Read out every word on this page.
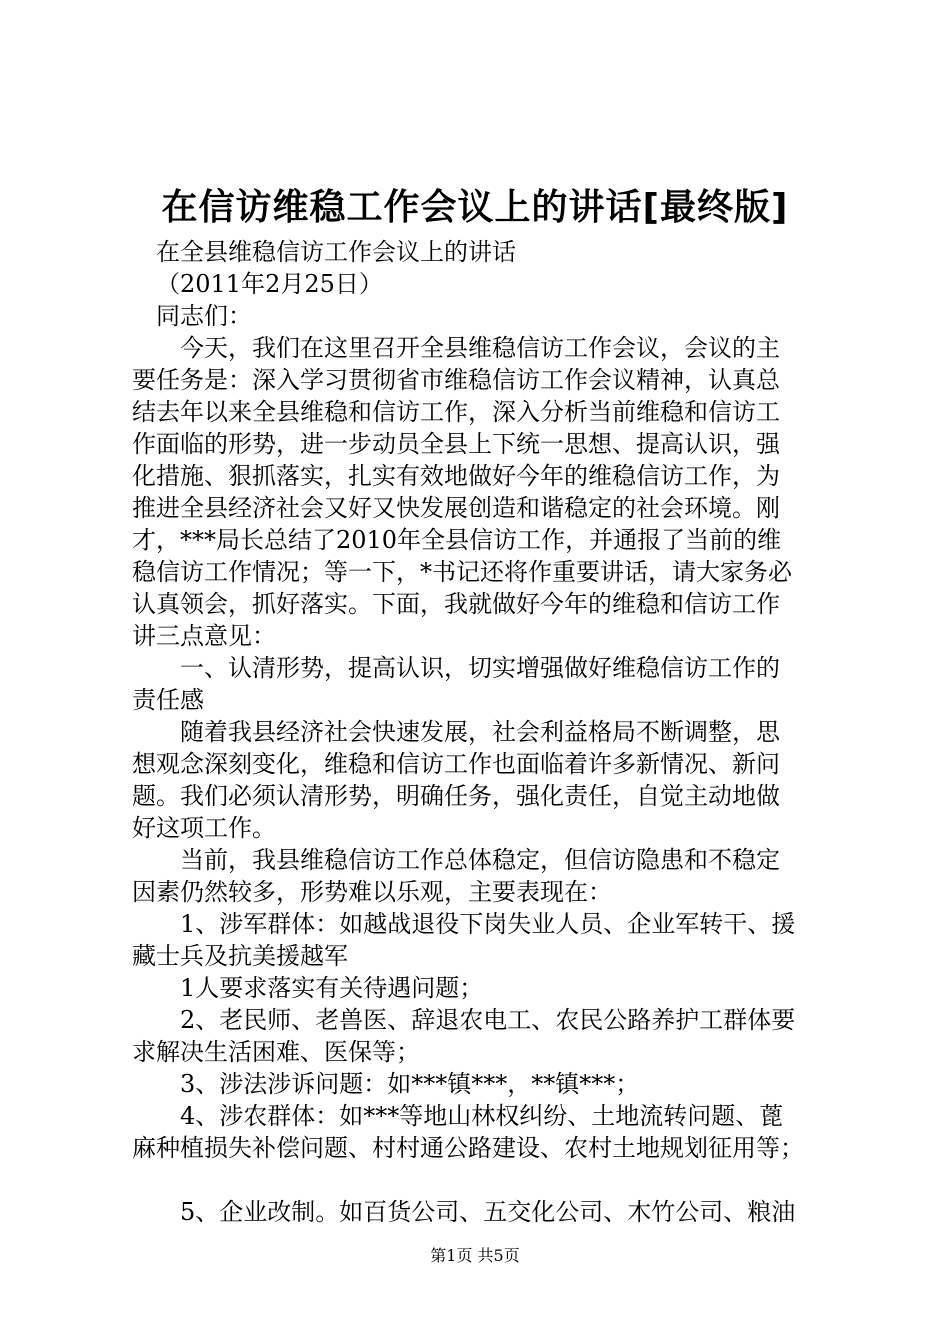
在信访维稳工作会议上的讲话[最终版]
在全县维稳信访工作会议上的讲话
（2011年2月25日）
同志们：
今天，我们在这里召开全县维稳信访工作会议，会议的主
要任务是：深入学习贯彻省市维稳信访工作会议精神，认真总
结去年以来全县维稳和信访工作，深入分析当前维稳和信访工
作面临的形势，进一步动员全县上下统一思想、提高认识，强
化措施、狠抓落实，扎实有效地做好今年的维稳信访工作，为
推进全县经济社会又好又快发展创造和谐稳定的社会环境。刚
才，***局长总结了2010年全县信访工作，并通报了当前的维
稳信访工作情况；等一下，*书记还将作重要讲话，请大家务必
认真领会，抓好落实。下面，我就做好今年的维稳和信访工作
讲三点意见：
一、认清形势，提高认识，切实增强做好维稳信访工作的
责任感
随着我县经济社会快速发展，社会利益格局不断调整，思
想观念深刻变化，维稳和信访工作也面临着许多新情况、新问
题。我们必须认清形势，明确任务，强化责任，自觉主动地做
好这项工作。
当前，我县维稳信访工作总体稳定，但信访隐患和不稳定
因素仍然较多，形势难以乐观，主要表现在：
1、涉军群体：如越战退役下岗失业人员、企业军转干、援
藏士兵及抗美援越军
1人要求落实有关待遇问题；
2、老民师、老兽医、辞退农电工、农民公路养护工群体要
求解决生活困难、医保等；
3、涉法涉诉问题：如***镇***，**镇***；
4、涉农群体：如***等地山林权纠纷、土地流转问题、蓖
麻种植损失补偿问题、村村通公路建设、农村土地规划征用等；
5、企业改制。如百货公司、五交化公司、木竹公司、粮油
第1页 共5页
